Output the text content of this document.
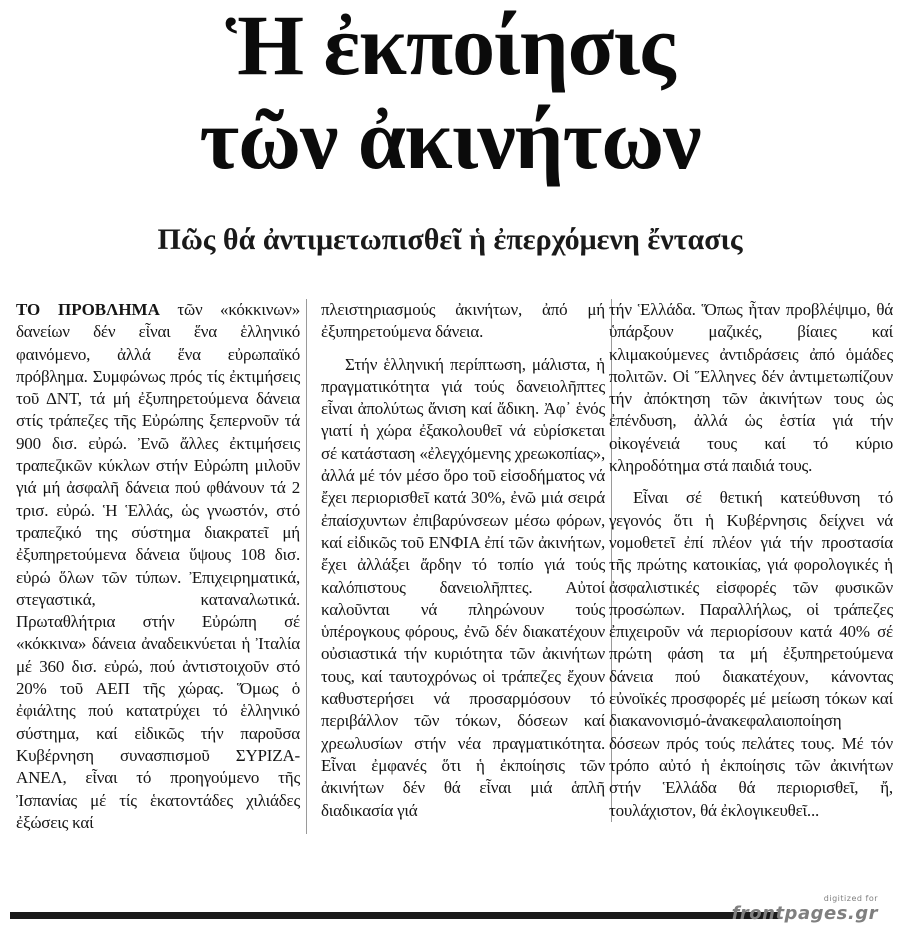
Ἡ ἐκποίησις
τῶν ἀκινήτων
Πῶς θά ἀντιμετωπισθεῖ ἡ ἐπερχόμενη ἔντασις

ΤΟ ΠΡΟΒΛΗΜΑ τῶν «κόκκινων» δανείων δέν εἶναι ἕνα ἑλληνικό φαινόμενο, ἀλλά ἕνα εὐρωπαϊκό πρόβλημα. Συμφώνως πρός τίς ἐκτιμήσεις τοῦ ΔΝΤ, τά μή ἐξυπηρετούμενα δάνεια στίς τράπεζες τῆς Εὐρώπης ξεπερνοῦν τά 900 δισ. εὐρώ. Ἐνῶ ἄλλες ἐκτιμήσεις τραπεζικῶν κύκλων στήν Εὐρώπη μιλοῦν γιά μή ἀσφαλῆ δάνεια πού φθάνουν τά 2 τρισ. εὐρώ. Ἡ Ἑλλάς, ὡς γνωστόν, στό τραπεζικό της σύστημα διακρατεῖ μή ἐξυπηρετούμενα δάνεια ὕψους 108 δισ. εὐρώ ὅλων τῶν τύπων. Ἐπιχειρηματικά, στεγαστικά, καταναλωτικά. Πρωταθλήτρια στήν Εὐρώπη σέ «κόκκινα» δάνεια ἀναδεικνύεται ἡ Ἰταλία μέ 360 δισ. εὐρώ, πού ἀντιστοιχοῦν στό 20% τοῦ ΑΕΠ τῆς χώρας. Ὅμως ὁ ἐφιάλτης πού κατατρύχει τό ἑλληνικό σύστημα, καί εἰδικῶς τήν παροῦσα Κυβέρνηση συνασπισμοῦ ΣΥΡΙΖΑ-ΑΝΕΛ, εἶναι τό προηγούμενο τῆς Ἰσπανίας μέ τίς ἑκατοντάδες χιλιάδες ἐξώσεις καί

πλειστηριασμούς ἀκινήτων, ἀπό μή ἐξυπηρετούμενα δάνεια.

Στήν ἑλληνική περίπτωση, μάλιστα, ἡ πραγματικότητα γιά τούς δανειολῆπτες εἶναι ἀπολύτως ἄνιση καί ἄδικη. Ἀφ᾽ ἑνός γιατί ἡ χώρα ἐξακολουθεῖ νά εὑρίσκεται σέ κατάσταση «ἐλεγχόμενης χρεωκοπίας», ἀλλά μέ τόν μέσο ὅρο τοῦ εἰσοδήματος νά ἔχει περιορισθεῖ κατά 30%, ἐνῶ μιά σειρά ἐπαίσχυντων ἐπιβαρύνσεων μέσω φόρων, καί εἰδικῶς τοῦ ΕΝΦΙΑ ἐπί τῶν ἀκινήτων, ἔχει ἀλλάξει ἄρδην τό τοπίο γιά τούς καλόπιστους δανειολῆπτες. Αὐτοί καλοῦνται νά πληρώνουν τούς ὑπέρογκους φόρους, ἐνῶ δέν διακατέχουν οὐσιαστικά τήν κυριότητα τῶν ἀκινήτων τους, καί ταυτοχρόνως οἱ τράπεζες ἔχουν καθυστερήσει νά προσαρμόσουν τό περιβάλλον τῶν τόκων, δόσεων καί χρεωλυσίων στήν νέα πραγματικότητα. Εἶναι ἐμφανές ὅτι ἡ ἐκποίησις τῶν ἀκινήτων δέν θά εἶναι μιά ἁπλῆ διαδικασία γιά

τήν Ἑλλάδα. Ὅπως ἦταν προβλέψιμο, θά ὑπάρξουν μαζικές, βίαιες καί κλιμακούμενες ἀντιδράσεις ἀπό ὁμάδες πολιτῶν. Οἱ Ἕλληνες δέν ἀντιμετωπίζουν τήν ἀπόκτηση τῶν ἀκινήτων τους ὡς ἐπένδυση, ἀλλά ὡς ἑστία γιά τήν οἰκογένειά τους καί τό κύριο κληροδότημα στά παιδιά τους.

Εἶναι σέ θετική κατεύθυνση τό γεγονός ὅτι ἡ Κυβέρνησις δείχνει νά νομοθετεῖ ἐπί πλέον γιά τήν προστασία τῆς πρώτης κατοικίας, γιά φορολογικές ἡ ἀσφαλιστικές εἰσφορές τῶν φυσικῶν προσώπων. Παραλλήλως, οἱ τράπεζες ἐπιχειροῦν νά περιορίσουν κατά 40% σέ πρώτη φάση τα μή ἐξυπηρετούμενα δάνεια πού διακατέχουν, κάνοντας εὐνοϊκές προσφορές μέ μείωση τόκων καί διακανονισμό-ἀνακεφαλαιοποίηση δόσεων πρός τούς πελάτες τους. Μέ τόν τρόπο αὐτό ἡ ἐκποίησις τῶν ἀκινήτων στήν Ἑλλάδα θά περιορισθεῖ, ἤ, τουλάχιστον, θά ἐκλογικευθεῖ...

digitized for
frontpages.gr
